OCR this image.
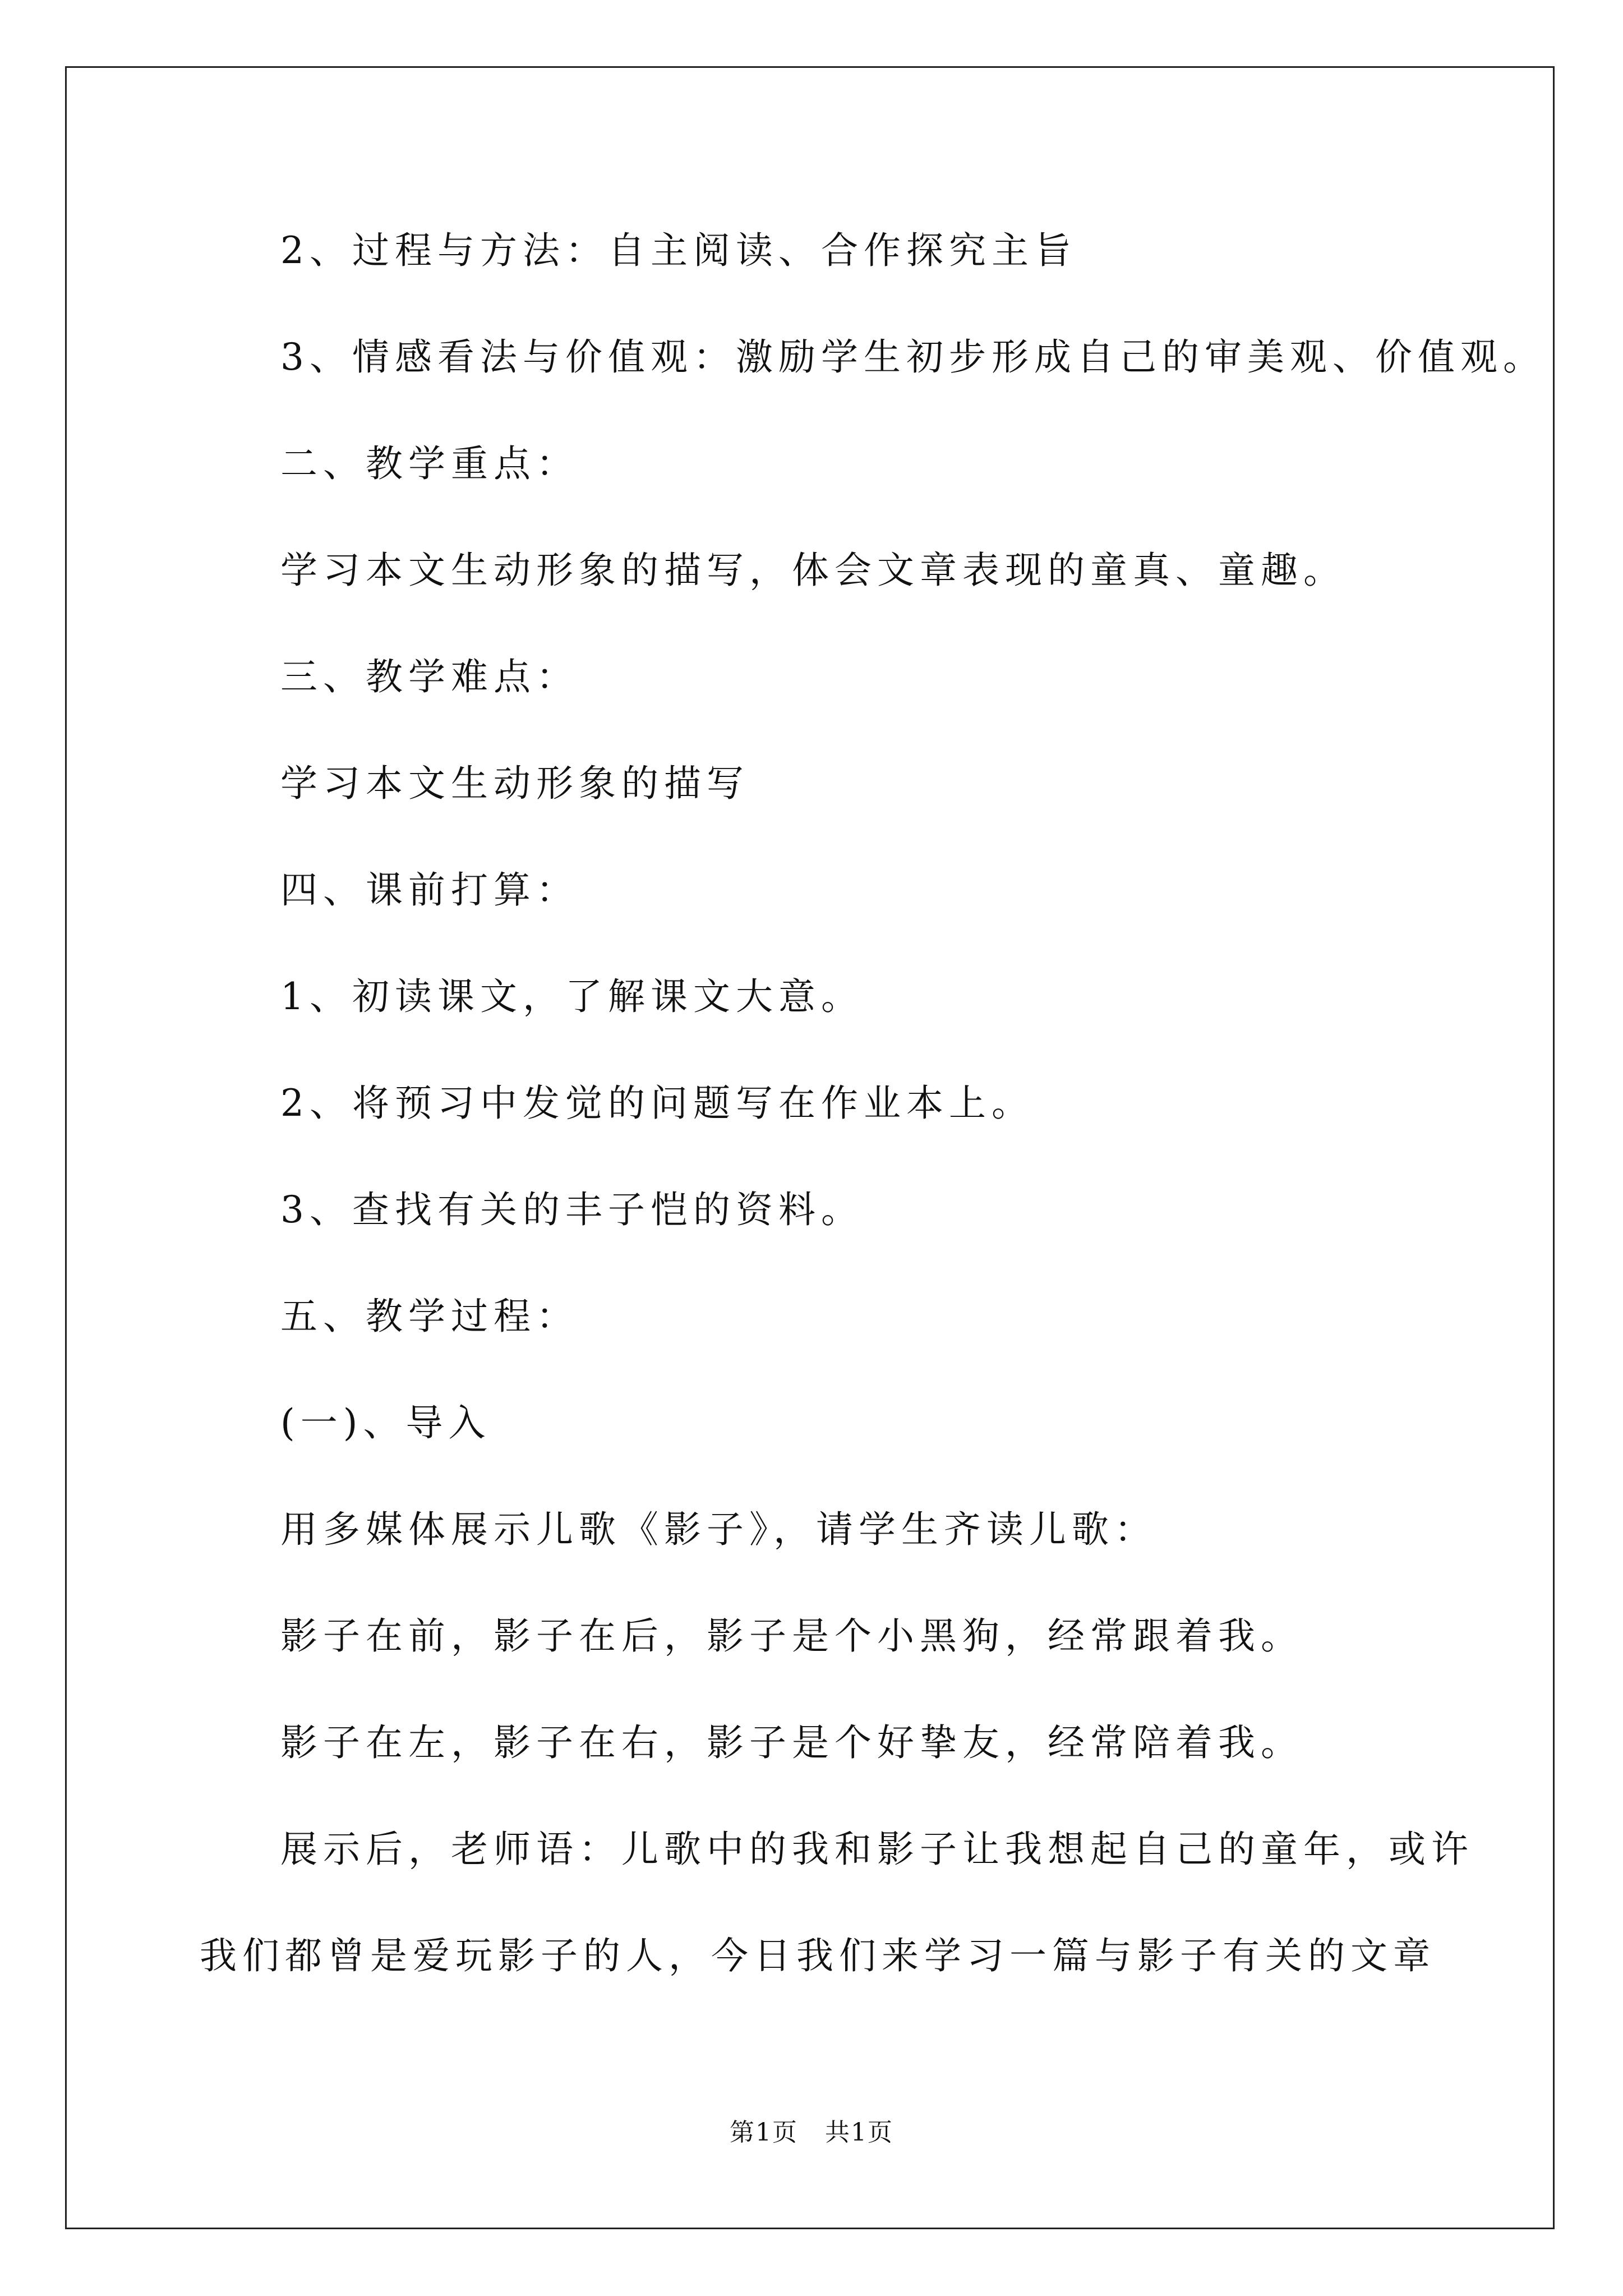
2、过程与方法：自主阅读、合作探究主旨
3、情感看法与价值观：激励学生初步形成自己的审美观、价值观。
二、教学重点：
学习本文生动形象的描写，体会文章表现的童真、童趣。
三、教学难点：
学习本文生动形象的描写
四、课前打算：
1、初读课文，了解课文大意。
2、将预习中发觉的问题写在作业本上。
3、查找有关的丰子恺的资料。
五、教学过程：
(一)、导入
用多媒体展示儿歌《影子》，请学生齐读儿歌：
影子在前，影子在后，影子是个小黑狗，经常跟着我。
影子在左，影子在右，影子是个好挚友，经常陪着我。
展示后，老师语：儿歌中的我和影子让我想起自己的童年，或许
我们都曾是爱玩影子的人，今日我们来学习一篇与影子有关的文章
第1页   共1页
